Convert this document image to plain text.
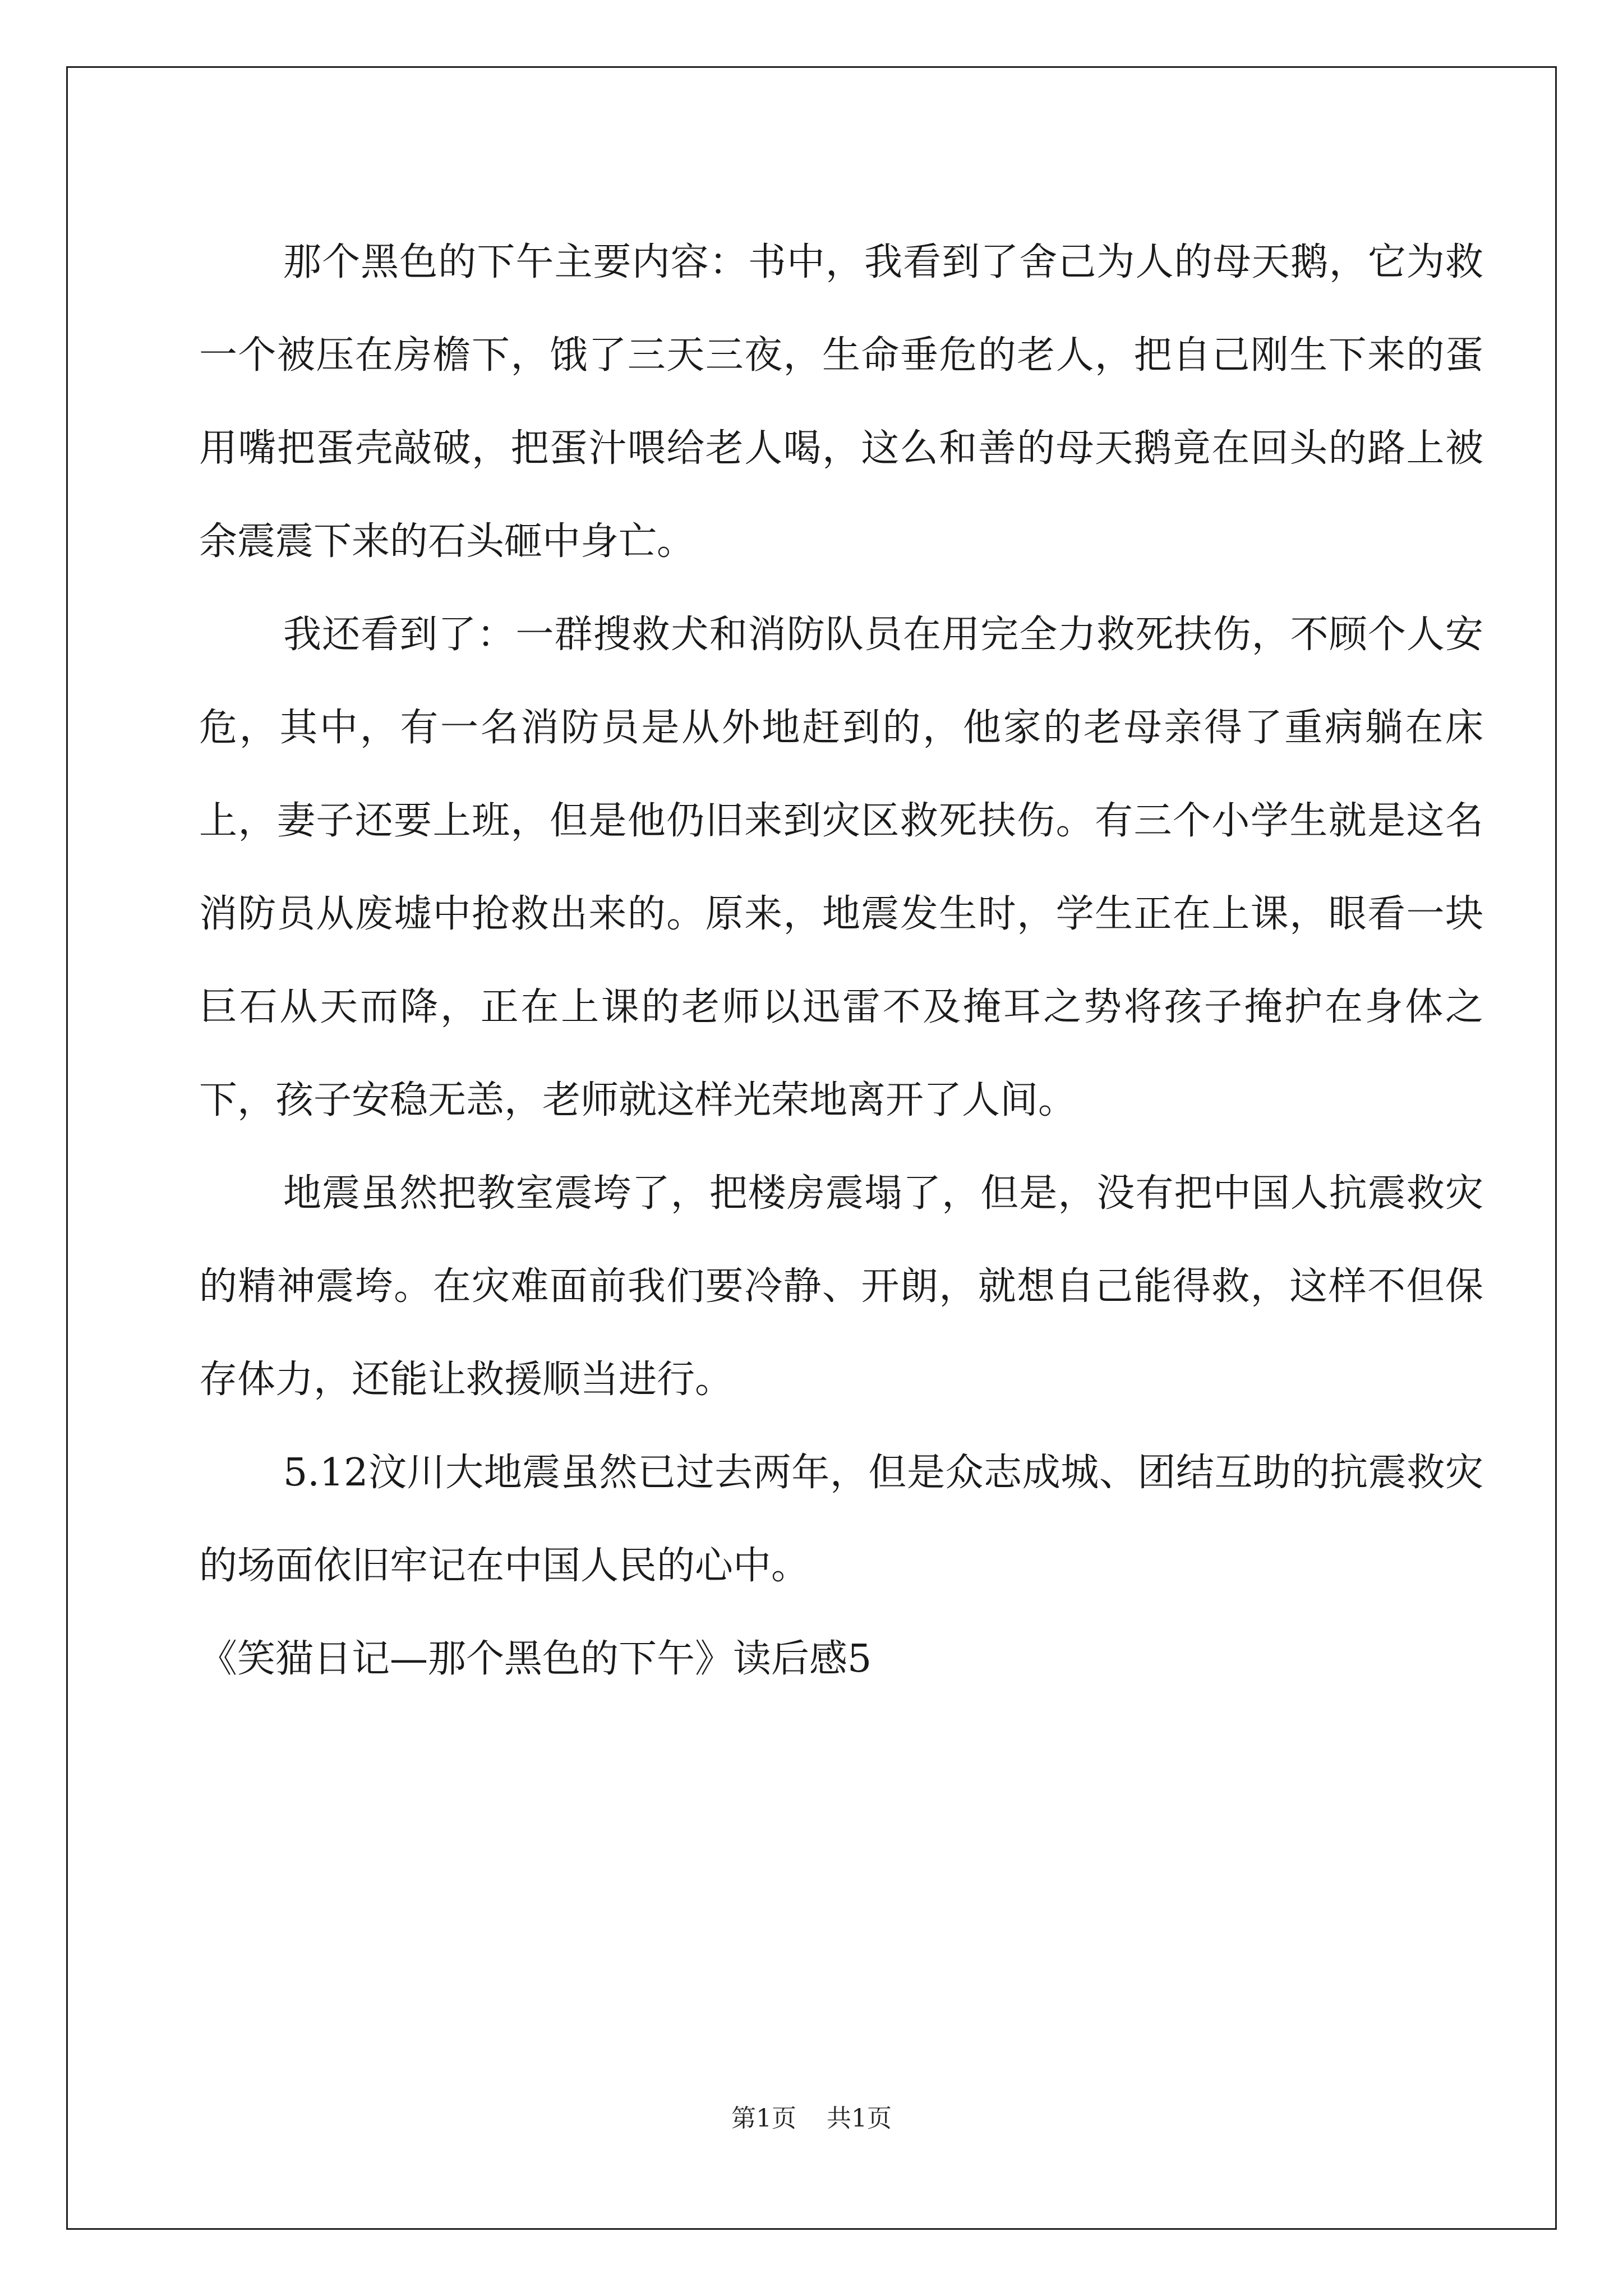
那个黑色的下午主要内容：书中，我看到了舍己为人的母天鹅，它为救一个被压在房檐下，饿了三天三夜，生命垂危的老人，把自己刚生下来的蛋用嘴把蛋壳敲破，把蛋汁喂给老人喝，这么和善的母天鹅竟在回头的路上被余震震下来的石头砸中身亡。

我还看到了：一群搜救犬和消防队员在用完全力救死扶伤，不顾个人安危，其中，有一名消防员是从外地赶到的，他家的老母亲得了重病躺在床上，妻子还要上班，但是他仍旧来到灾区救死扶伤。有三个小学生就是这名消防员从废墟中抢救出来的。原来，地震发生时，学生正在上课，眼看一块巨石从天而降，正在上课的老师以迅雷不及掩耳之势将孩子掩护在身体之下，孩子安稳无恙，老师就这样光荣地离开了人间。

地震虽然把教室震垮了，把楼房震塌了，但是，没有把中国人抗震救灾的精神震垮。在灾难面前我们要冷静、开朗，就想自己能得救，这样不但保存体力，还能让救援顺当进行。

5.12汶川大地震虽然已过去两年，但是众志成城、团结互助的抗震救灾的场面依旧牢记在中国人民的心中。

《笑猫日记—那个黑色的下午》读后感5

第1页 共1页
